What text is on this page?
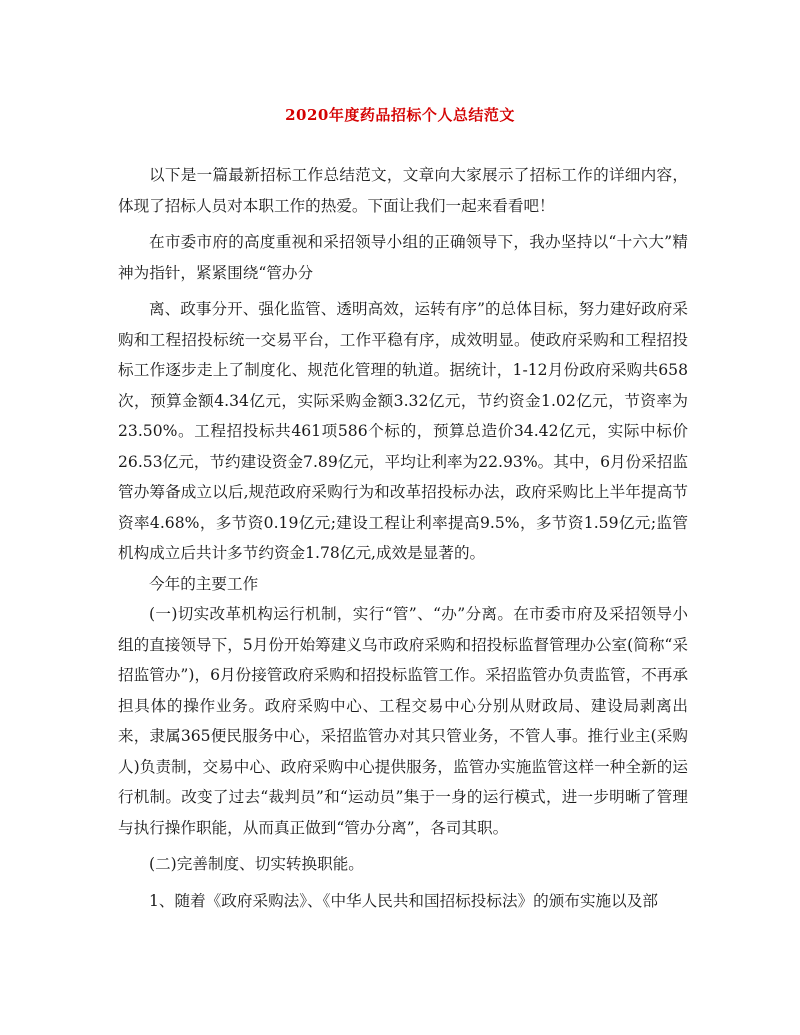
2020年度药品招标个人总结范文

以下是一篇最新招标工作总结范文，文章向大家展示了招标工作的详细内容，体现了招标人员对本职工作的热爱。下面让我们一起来看看吧！

在市委市府的高度重视和采招领导小组的正确领导下，我办坚持以“十六大”精神为指针，紧紧围绕“管办分

离、政事分开、强化监管、透明高效，运转有序”的总体目标，努力建好政府采购和工程招投标统一交易平台，工作平稳有序，成效明显。使政府采购和工程招投标工作逐步走上了制度化、规范化管理的轨道。据统计，1-12月份政府采购共658次，预算金额4.34亿元，实际采购金额3.32亿元，节约资金1.02亿元，节资率为23.50%。工程招投标共461项586个标的，预算总造价34.42亿元，实际中标价26.53亿元，节约建设资金7.89亿元，平均让利率为22.93%。其中，6月份采招监管办筹备成立以后,规范政府采购行为和改革招投标办法，政府采购比上半年提高节资率4.68%，多节资0.19亿元;建设工程让利率提高9.5%，多节资1.59亿元;监管机构成立后共计多节约资金1.78亿元,成效是显著的。

今年的主要工作

(一)切实改革机构运行机制，实行“管”、“办”分离。在市委市府及采招领导小组的直接领导下，5月份开始筹建义乌市政府采购和招投标监督管理办公室(简称“采招监管办”)，6月份接管政府采购和招投标监管工作。采招监管办负责监管，不再承担具体的操作业务。政府采购中心、工程交易中心分别从财政局、建设局剥离出来，隶属365便民服务中心，采招监管办对其只管业务，不管人事。推行业主(采购人)负责制，交易中心、政府采购中心提供服务，监管办实施监管这样一种全新的运行机制。改变了过去“裁判员”和“运动员”集于一身的运行模式，进一步明晰了管理与执行操作职能，从而真正做到“管办分离”，各司其职。

(二)完善制度、切实转换职能。

1、随着《政府采购法》、《中华人民共和国招标投标法》的颁布实施以及部
